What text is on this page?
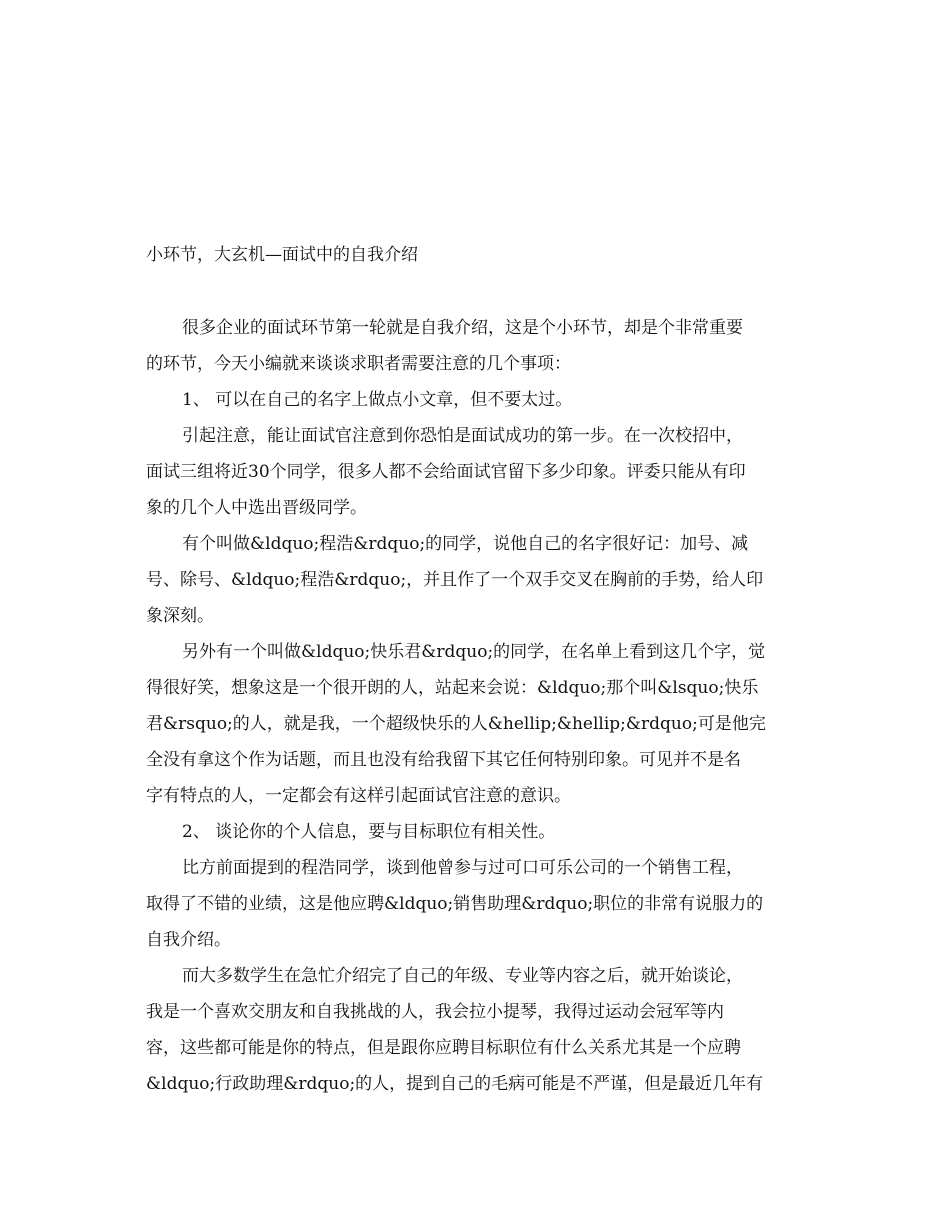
小环节，大玄机—面试中的自我介绍
很多企业的面试环节第一轮就是自我介绍，这是个小环节，却是个非常重要
的环节，今天小编就来谈谈求职者需要注意的几个事项：
1、 可以在自己的名字上做点小文章，但不要太过。
引起注意，能让面试官注意到你恐怕是面试成功的第一步。在一次校招中，
面试三组将近30个同学，很多人都不会给面试官留下多少印象。评委只能从有印
象的几个人中选出晋级同学。
有个叫做&ldquo;程浩&rdquo;的同学，说他自己的名字很好记：加号、减
号、除号、&ldquo;程浩&rdquo;，并且作了一个双手交叉在胸前的手势，给人印
象深刻。
另外有一个叫做&ldquo;快乐君&rdquo;的同学，在名单上看到这几个字，觉
得很好笑，想象这是一个很开朗的人，站起来会说：&ldquo;那个叫&lsquo;快乐
君&rsquo;的人，就是我，一个超级快乐的人&hellip;&hellip;&rdquo;可是他完
全没有拿这个作为话题，而且也没有给我留下其它任何特别印象。可见并不是名
字有特点的人，一定都会有这样引起面试官注意的意识。
2、 谈论你的个人信息，要与目标职位有相关性。
比方前面提到的程浩同学，谈到他曾参与过可口可乐公司的一个销售工程，
取得了不错的业绩，这是他应聘&ldquo;销售助理&rdquo;职位的非常有说服力的
自我介绍。
而大多数学生在急忙介绍完了自己的年级、专业等内容之后，就开始谈论，
我是一个喜欢交朋友和自我挑战的人，我会拉小提琴，我得过运动会冠军等内
容，这些都可能是你的特点，但是跟你应聘目标职位有什么关系尤其是一个应聘
&ldquo;行政助理&rdquo;的人，提到自己的毛病可能是不严谨，但是最近几年有
